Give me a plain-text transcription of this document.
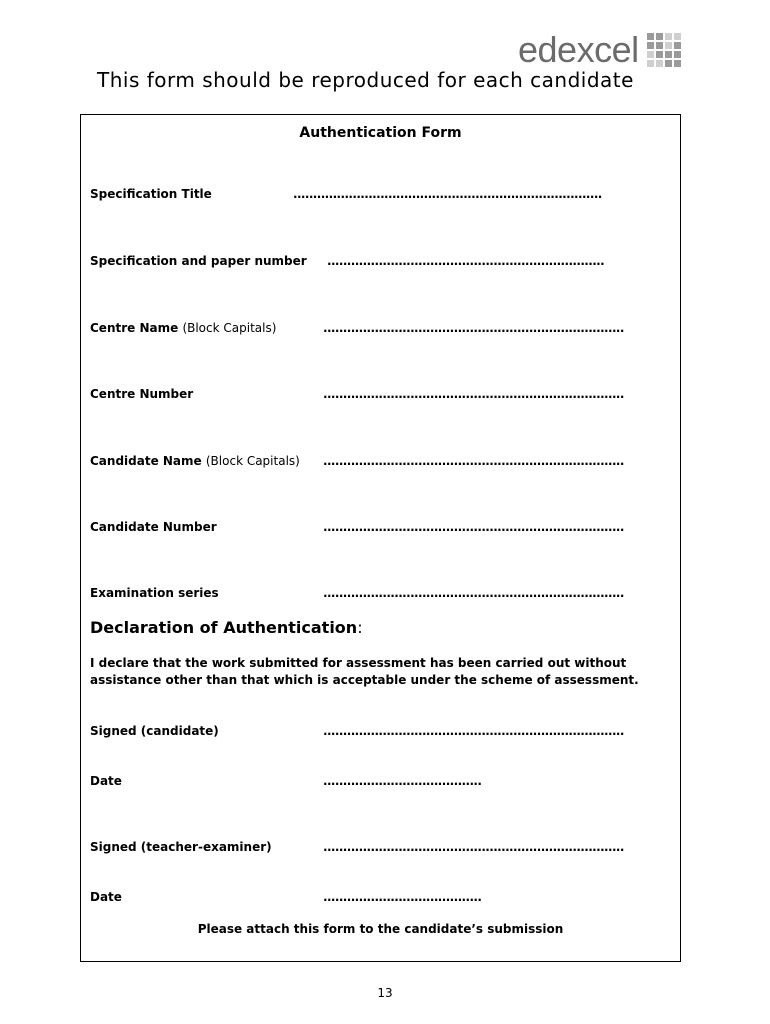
edexcel
This form should be reproduced for each candidate
Authentication Form
Specification Title	..............................................................................
Specification and paper number ......................................................................
Centre Name (Block Capitals)	............................................................................
Centre Number	............................................................................
Candidate Name (Block Capitals) ............................................................................
Candidate Number	............................................................................
Examination series	............................................................................
Declaration of Authentication:
I declare that the work submitted for assessment has been carried out without assistance other than that which is acceptable under the scheme of assessment.
Signed (candidate)	............................................................................
Date	........................................
Signed (teacher-examiner)	............................................................................
Date	........................................
Please attach this form to the candidate’s submission
13
